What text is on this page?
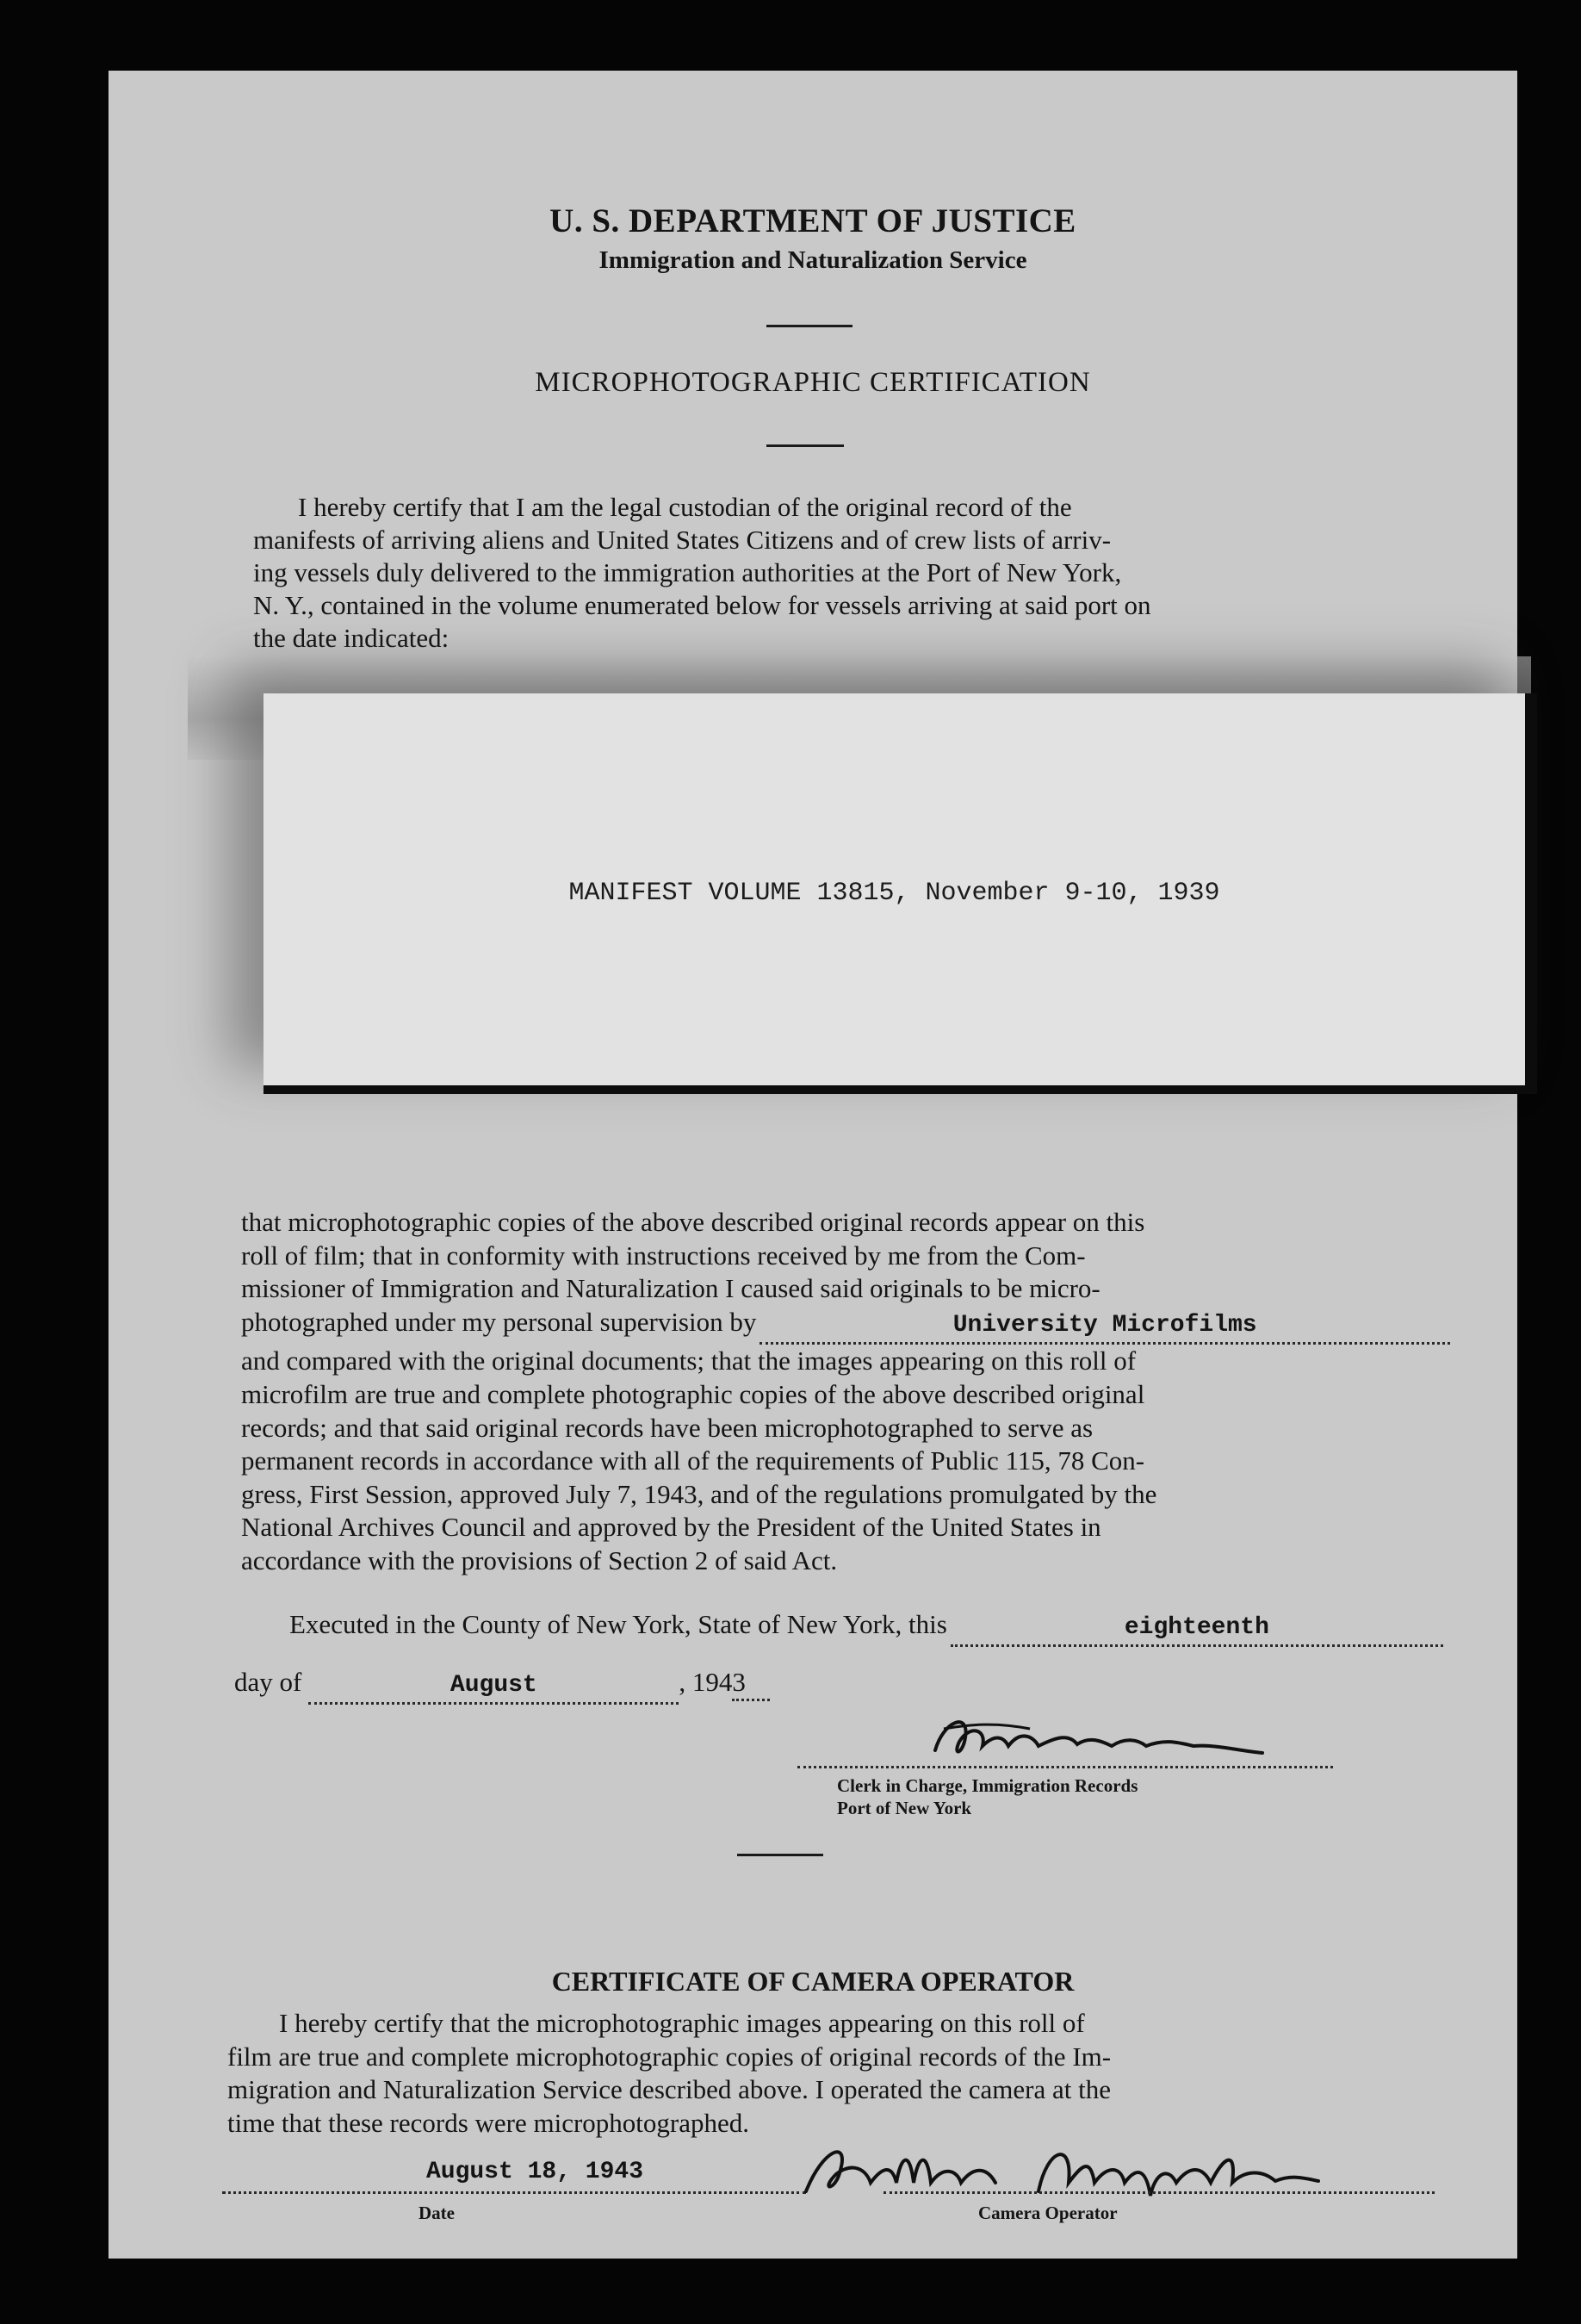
U. S. DEPARTMENT OF JUSTICE
Immigration and Naturalization Service
MICROPHOTOGRAPHIC CERTIFICATION
I hereby certify that I am the legal custodian of the original record of the
manifests of arriving aliens and United States Citizens and of crew lists of arriv-
ing vessels duly delivered to the immigration authorities at the Port of New York,
N. Y., contained in the volume enumerated below for vessels arriving at said port on
the date indicated:
MANIFEST VOLUME 13815, November 9-10, 1939
that microphotographic copies of the above described original records appear on this
roll of film; that in conformity with instructions received by me from the Com-
missioner of Immigration and Naturalization I caused said originals to be micro-
photographed under my personal supervision by	University Microfilms
and compared with the original documents; that the images appearing on this roll of
microfilm are true and complete photographic copies of the above described original
records; and that said original records have been microphotographed to serve as
permanent records in accordance with all of the requirements of Public 115, 78 Con-
gress, First Session, approved July 7, 1943, and of the regulations promulgated by the
National Archives Council and approved by the President of the United States in
accordance with the provisions of Section 2 of said Act.
Executed in the County of New York, State of New York, this	eighteenth
day of	August	, 194 3
Clerk in Charge, Immigration Records
Port of New York
CERTIFICATE OF CAMERA OPERATOR
I hereby certify that the microphotographic images appearing on this roll of
film are true and complete microphotographic copies of original records of the Im-
migration and Naturalization Service described above. I operated the camera at the
time that these records were microphotographed.
August 18, 1943
Date	Camera Operator
